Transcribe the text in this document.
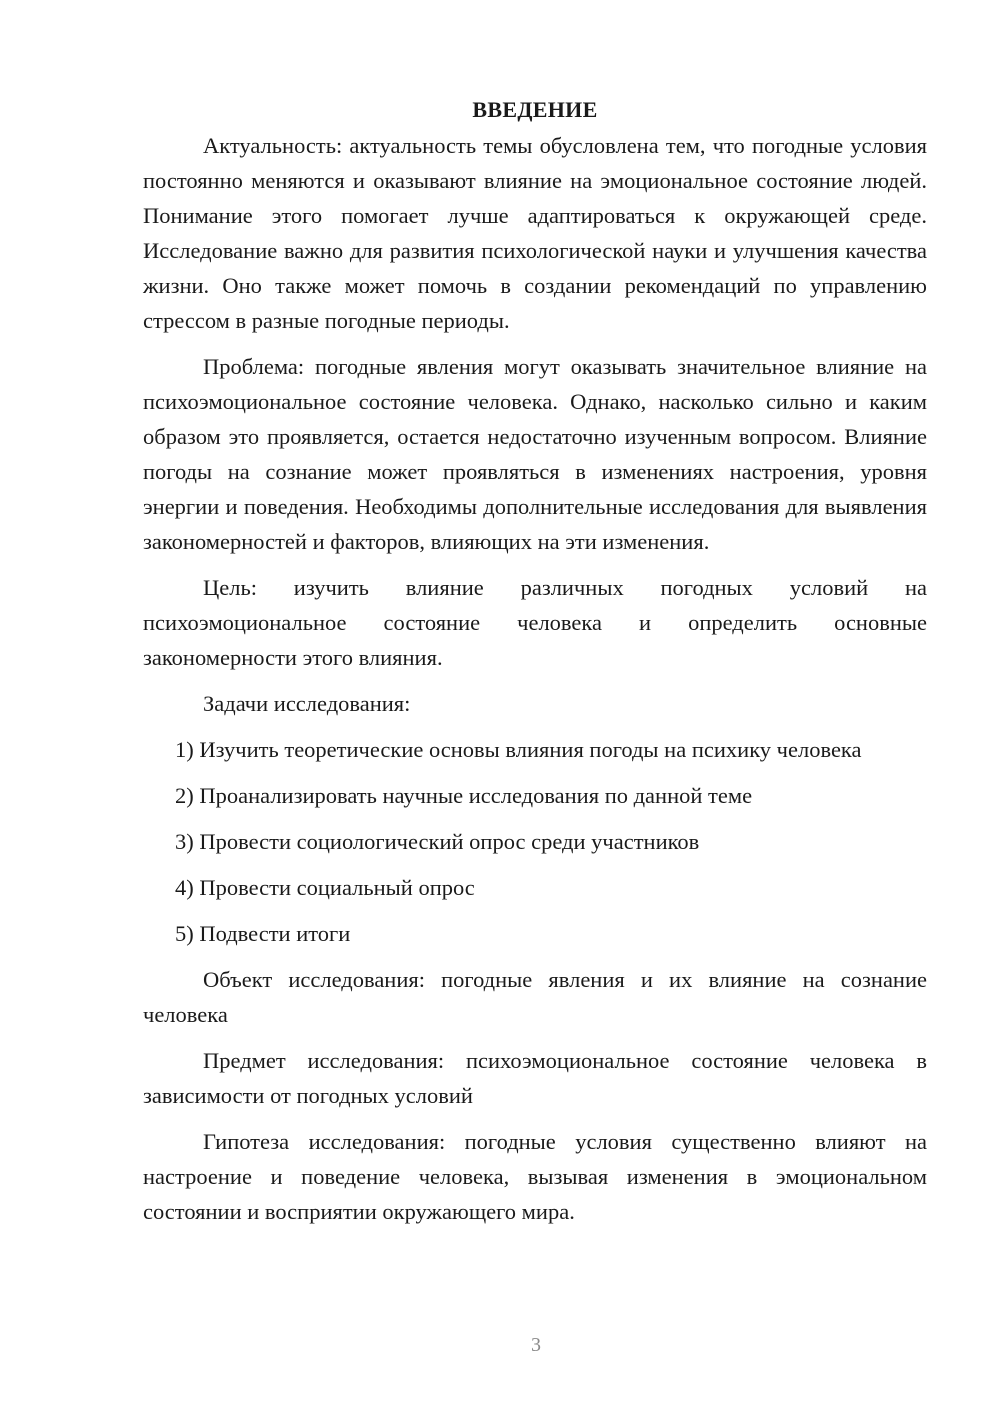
ВВЕДЕНИЕ

Актуальность: актуальность темы обусловлена тем, что погодные условия постоянно меняются и оказывают влияние на эмоциональное состояние людей. Понимание этого помогает лучше адаптироваться к окружающей среде. Исследование важно для развития психологической науки и улучшения качества жизни. Оно также может помочь в создании рекомендаций по управлению стрессом в разные погодные периоды.

Проблема: погодные явления могут оказывать значительное влияние на психоэмоциональное состояние человека. Однако, насколько сильно и каким образом это проявляется, остается недостаточно изученным вопросом. Влияние погоды на сознание может проявляться в изменениях настроения, уровня энергии и поведения. Необходимы дополнительные исследования для выявления закономерностей и факторов, влияющих на эти изменения.

Цель: изучить влияние различных погодных условий на психоэмоциональное состояние человека и определить основные закономерности этого влияния.

Задачи исследования:

1) Изучить теоретические основы влияния погоды на психику человека

2) Проанализировать научные исследования по данной теме

3) Провести социологический опрос среди участников

4) Провести социальный опрос

5) Подвести итоги

Объект исследования: погодные явления и их влияние на сознание человека

Предмет исследования: психоэмоциональное состояние человека в зависимости от погодных условий

Гипотеза исследования: погодные условия существенно влияют на настроение и поведение человека, вызывая изменения в эмоциональном состоянии и восприятии окружающего мира.

3
